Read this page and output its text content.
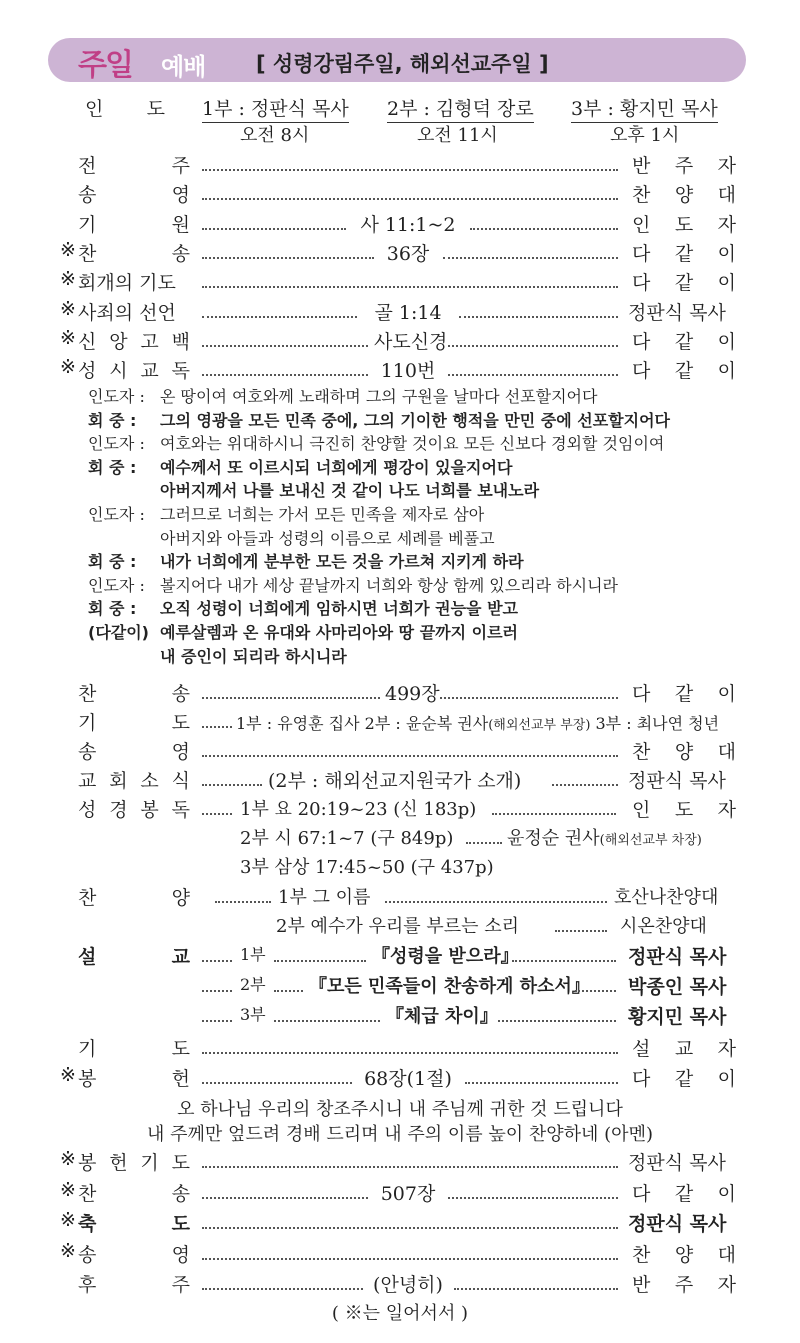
주일 예배 [ 성령강림주일, 해외선교주일 ]
인 도 1부 : 정판식 목사 2부 : 김형덕 장로 3부 : 황지민 목사
오전 8시	오전 11시	오후 1시
전	주	반 주 자
송	영	찬 양 대
기	원	사 11:1~2	인 도 자
※ 찬	송	36장	다 같 이
※ 회개의 기도	다 같 이
※ 사죄의 선언	골 1:14	정판식 목사
※ 신 앙 고 백	사도신경	다 같 이
※ 성 시 교 독	110번	다 같 이
인도자 : 온 땅이여 여호와께 노래하며 그의 구원을 날마다 선포할지어다
회 중 : 그의 영광을 모든 민족 중에, 그의 기이한 행적을 만민 중에 선포할지어다
인도자 : 여호와는 위대하시니 극진히 찬양할 것이요 모든 신보다 경외할 것임이여
회 중 : 예수께서 또 이르시되 너희에게 평강이 있을지어다
아버지께서 나를 보내신 것 같이 나도 너희를 보내노라
인도자 : 그러므로 너희는 가서 모든 민족을 제자로 삼아
아버지와 아들과 성령의 이름으로 세례를 베풀고
회 중 : 내가 너희에게 분부한 모든 것을 가르쳐 지키게 하라
인도자 : 볼지어다 내가 세상 끝날까지 너희와 항상 함께 있으리라 하시니라
회 중 : 오직 성령이 너희에게 임하시면 너희가 권능을 받고
(다같이) 예루살렘과 온 유대와 사마리아와 땅 끝까지 이르러
내 증인이 되리라 하시니라
찬	송	499장	다 같 이
기	도	1부 : 유영훈 집사 2부 : 윤순복 권사(해외선교부 부장) 3부 : 최나연 청년
송	영	찬 양 대
교 회 소 식	(2부 : 해외선교지원국가 소개)	정판식 목사
성 경 봉 독	1부 요 20:19~23 (신 183p)	인 도 자
2부 시 67:1~7 (구 849p)	윤정순 권사(해외선교부 차장)
3부 삼상 17:45~50 (구 437p)
찬	양	1부 그 이름	호산나찬양대
2부 예수가 우리를 부르는 소리	시온찬양대
설	교	1부	『성령을 받으라』	정판식 목사
2부 『모든 민족들이 찬송하게 하소서』 박종인 목사
3부	『체급 차이』	황지민 목사
기	도	설 교 자
※ 봉	헌	68장(1절)	다 같 이
오 하나님 우리의 창조주시니 내 주님께 귀한 것 드립니다
내 주께만 엎드려 경배 드리며 내 주의 이름 높이 찬양하네 (아멘)
※ 봉 헌 기 도	정판식 목사
※ 찬	송	507장	다 같 이
※ 축	도	정판식 목사
※ 송	영	찬 양 대
후	주	(안녕히)	반 주 자
( ※는 일어서서 )
